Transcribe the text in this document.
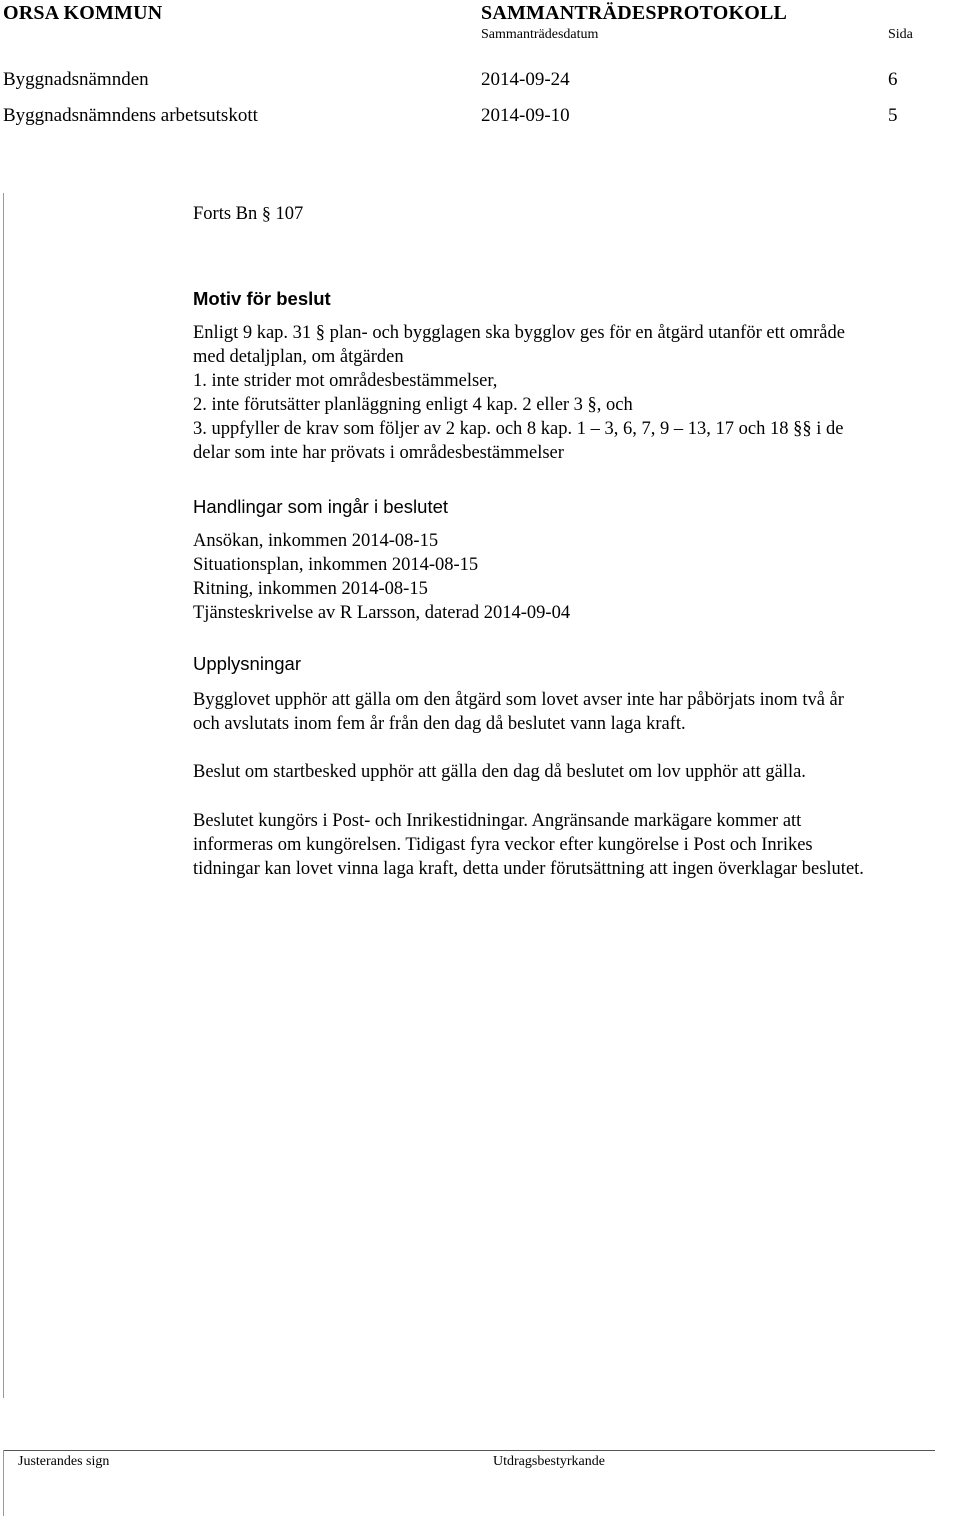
ORSA KOMMUN	SAMMANTRÄDESPROTOKOLL
Sammanträdesdatum	Sida
Byggnadsnämnden	2014-09-24	6
Byggnadsnämndens arbetsutskott	2014-09-10	5
Forts Bn § 107
Motiv för beslut
Enligt 9 kap. 31 § plan- och bygglagen ska bygglov ges för en åtgärd utanför ett område
med detaljplan, om åtgärden
1. inte strider mot områdesbestämmelser,
2. inte förutsätter planläggning enligt 4 kap. 2 eller 3 §, och
3. uppfyller de krav som följer av 2 kap. och 8 kap. 1 – 3, 6, 7, 9 – 13, 17 och 18 §§ i de
delar som inte har prövats i områdesbestämmelser
Handlingar som ingår i beslutet
Ansökan, inkommen 2014-08-15
Situationsplan, inkommen 2014-08-15
Ritning, inkommen 2014-08-15
Tjänsteskrivelse av R Larsson, daterad 2014-09-04
Upplysningar
Bygglovet upphör att gälla om den åtgärd som lovet avser inte har påbörjats inom två år
och avslutats inom fem år från den dag då beslutet vann laga kraft.
Beslut om startbesked upphör att gälla den dag då beslutet om lov upphör att gälla.
Beslutet kungörs i Post- och Inrikestidningar. Angränsande markägare kommer att
informeras om kungörelsen. Tidigast fyra veckor efter kungörelse i Post och Inrikes
tidningar kan lovet vinna laga kraft, detta under förutsättning att ingen överklagar beslutet.
Justerandes sign	Utdragsbestyrkande
